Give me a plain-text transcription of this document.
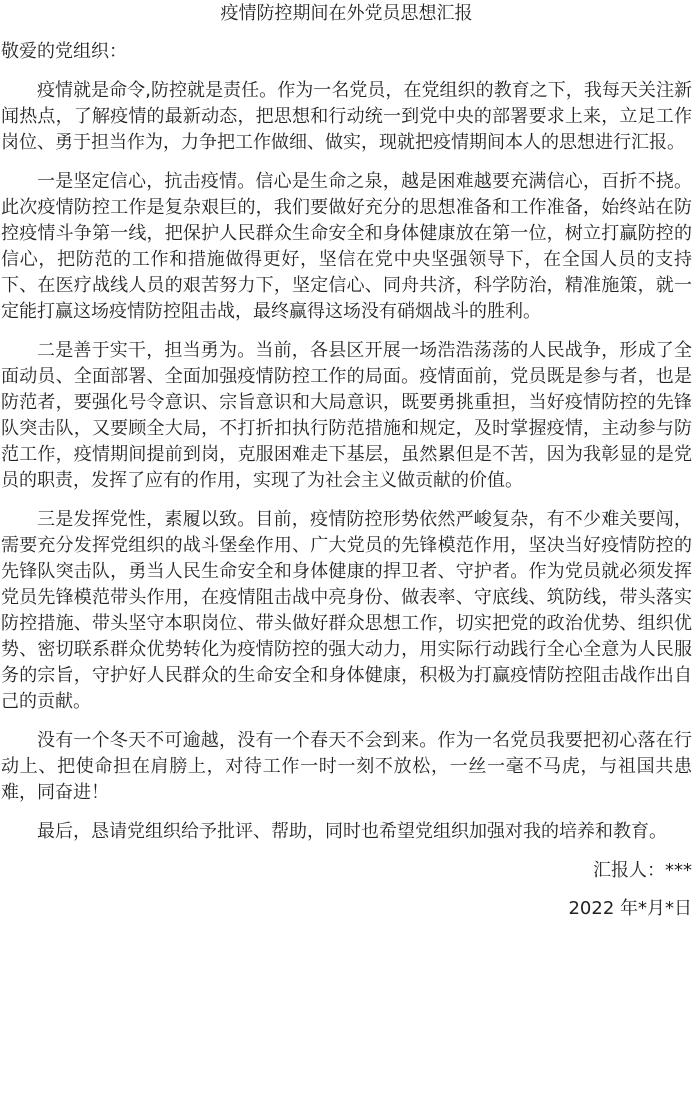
疫情防控期间在外党员思想汇报
敬爱的党组织：

疫情就是命令,防控就是责任。作为一名党员，在党组织的教育之下，我每天关注新闻热点，了解疫情的最新动态，把思想和行动统一到党中央的部署要求上来，立足工作岗位、勇于担当作为，力争把工作做细、做实，现就把疫情期间本人的思想进行汇报。

一是坚定信心，抗击疫情。信心是生命之泉，越是困难越要充满信心，百折不挠。此次疫情防控工作是复杂艰巨的，我们要做好充分的思想准备和工作准备，始终站在防控疫情斗争第一线，把保护人民群众生命安全和身体健康放在第一位，树立打赢防控的信心，把防范的工作和措施做得更好，坚信在党中央坚强领导下，在全国人员的支持下、在医疗战线人员的艰苦努力下，坚定信心、同舟共济，科学防治，精准施策，就一定能打赢这场疫情防控阻击战，最终赢得这场没有硝烟战斗的胜利。

二是善于实干，担当勇为。当前，各县区开展一场浩浩荡荡的人民战争，形成了全面动员、全面部署、全面加强疫情防控工作的局面。疫情面前，党员既是参与者，也是防范者，要强化号令意识、宗旨意识和大局意识，既要勇挑重担，当好疫情防控的先锋队突击队，又要顾全大局，不打折扣执行防范措施和规定，及时掌握疫情，主动参与防范工作，疫情期间提前到岗，克服困难走下基层，虽然累但是不苦，因为我彰显的是党员的职责，发挥了应有的作用，实现了为社会主义做贡献的价值。

三是发挥党性，素履以致。目前，疫情防控形势依然严峻复杂，有不少难关要闯，需要充分发挥党组织的战斗堡垒作用、广大党员的先锋模范作用，坚决当好疫情防控的先锋队突击队，勇当人民生命安全和身体健康的捍卫者、守护者。作为党员就必须发挥党员先锋模范带头作用，在疫情阻击战中亮身份、做表率、守底线、筑防线，带头落实防控措施、带头坚守本职岗位、带头做好群众思想工作，切实把党的政治优势、组织优势、密切联系群众优势转化为疫情防控的强大动力，用实际行动践行全心全意为人民服务的宗旨，守护好人民群众的生命安全和身体健康，积极为打赢疫情防控阻击战作出自己的贡献。

没有一个冬天不可逾越，没有一个春天不会到来。作为一名党员我要把初心落在行动上、把使命担在肩膀上，对待工作一时一刻不放松，一丝一毫不马虎，与祖国共患难，同奋进！

最后，恳请党组织给予批评、帮助，同时也希望党组织加强对我的培养和教育。

汇报人：***
2022 年*月*日
